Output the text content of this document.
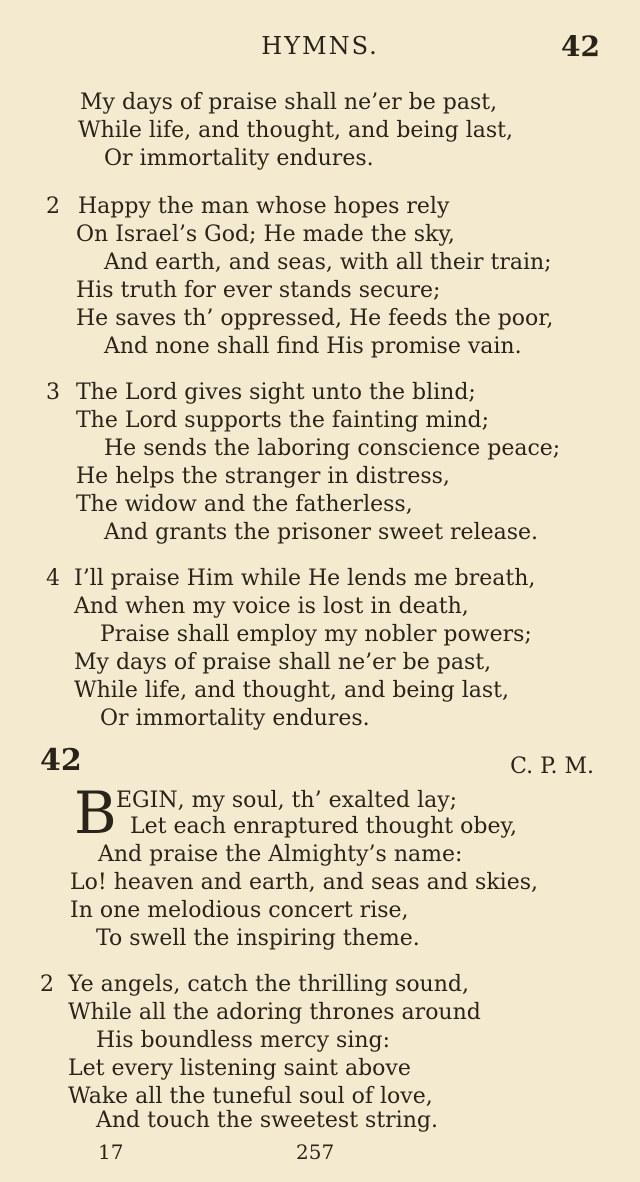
HYMNS.	42
My days of praise shall ne’er be past,
While life, and thought, and being last,
Or immortality endures.
2 Happy the man whose hopes rely
On Israel’s God; He made the sky,
And earth, and seas, with all their train;
His truth for ever stands secure;
He saves th’ oppressed, He feeds the poor,
And none shall find His promise vain.
3 The Lord gives sight unto the blind;
The Lord supports the fainting mind;
He sends the laboring conscience peace;
He helps the stranger in distress,
The widow and the fatherless,
And grants the prisoner sweet release.
4 I’ll praise Him while He lends me breath,
And when my voice is lost in death,
Praise shall employ my nobler powers;
My days of praise shall ne’er be past,
While life, and thought, and being last,
Or immortality endures.
42	C. P. M.
B EGIN, my soul, th’ exalted lay;
Let each enraptured thought obey,
And praise the Almighty’s name:
Lo! heaven and earth, and seas and skies,
In one melodious concert rise,
To swell the inspiring theme.
2 Ye angels, catch the thrilling sound,
While all the adoring thrones around
His boundless mercy sing:
Let every listening saint above
Wake all the tuneful soul of love,
And touch the sweetest string.
17	257
